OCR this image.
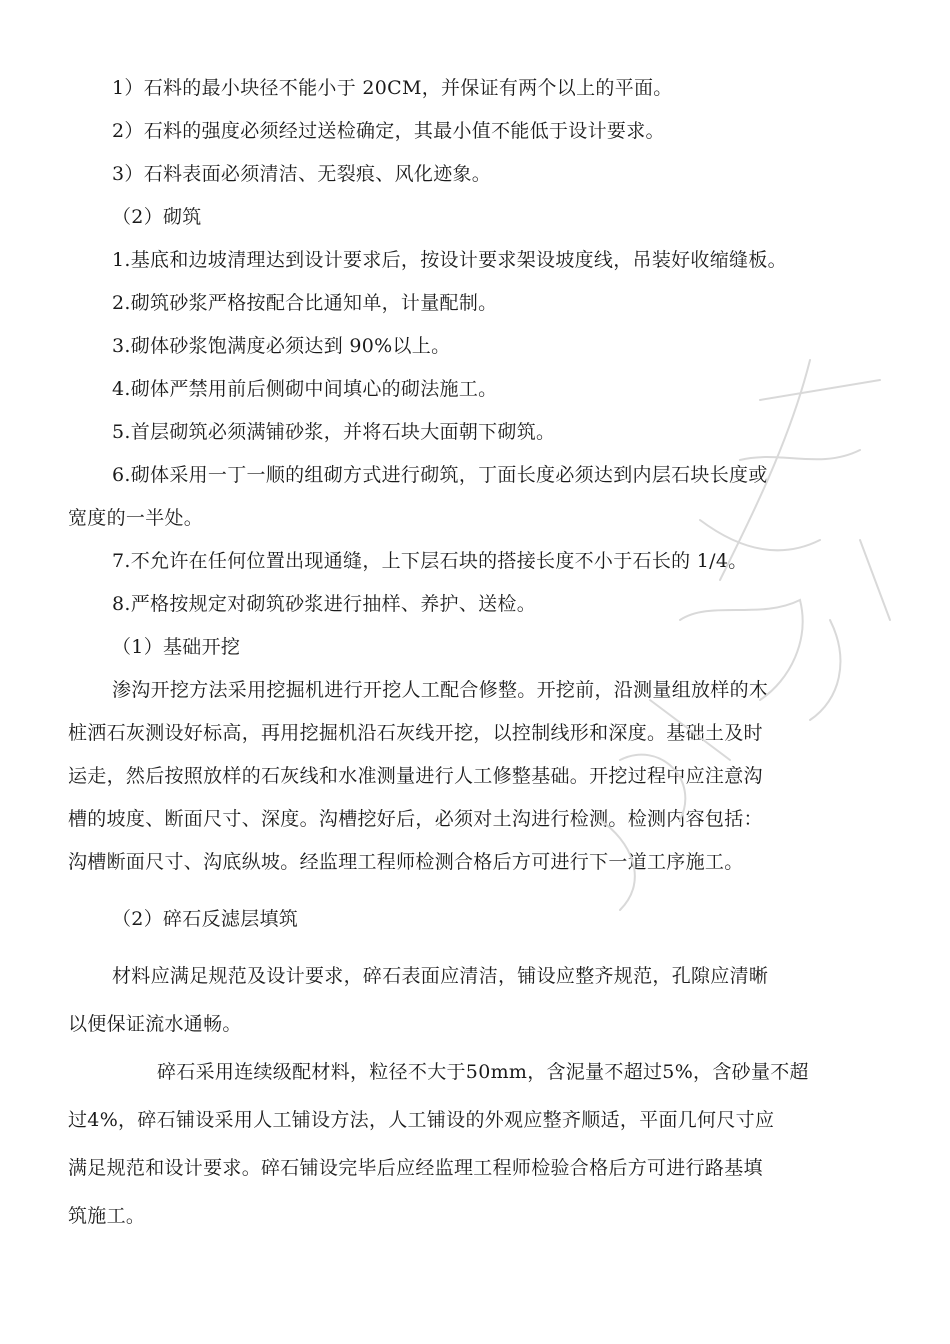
1）石料的最小块径不能小于 20CM，并保证有两个以上的平面。
2）石料的强度必须经过送检确定，其最小值不能低于设计要求。
3）石料表面必须清洁、无裂痕、风化迹象。
（2）砌筑
1.基底和边坡清理达到设计要求后，按设计要求架设坡度线，吊装好收缩缝板。
2.砌筑砂浆严格按配合比通知单，计量配制。
3.砌体砂浆饱满度必须达到 90%以上。
4.砌体严禁用前后侧砌中间填心的砌法施工。
5.首层砌筑必须满铺砂浆，并将石块大面朝下砌筑。
6.砌体采用一丁一顺的组砌方式进行砌筑，丁面长度必须达到内层石块长度或
宽度的一半处。
7.不允许在任何位置出现通缝，上下层石块的搭接长度不小于石长的 1/4。
8.严格按规定对砌筑砂浆进行抽样、养护、送检。
（1）基础开挖
渗沟开挖方法采用挖掘机进行开挖人工配合修整。开挖前，沿测量组放样的木
桩洒石灰测设好标高，再用挖掘机沿石灰线开挖，以控制线形和深度。基础土及时
运走，然后按照放样的石灰线和水准测量进行人工修整基础。开挖过程中应注意沟
槽的坡度、断面尺寸、深度。沟槽挖好后，必须对土沟进行检测。检测内容包括：
沟槽断面尺寸、沟底纵坡。经监理工程师检测合格后方可进行下一道工序施工。
（2）碎石反滤层填筑
材料应满足规范及设计要求，碎石表面应清洁，铺设应整齐规范，孔隙应清晰
以便保证流水通畅。
碎石采用连续级配材料，粒径不大于50mm，含泥量不超过5%，含砂量不超
过4%，碎石铺设采用人工铺设方法，人工铺设的外观应整齐顺适，平面几何尺寸应
满足规范和设计要求。碎石铺设完毕后应经监理工程师检验合格后方可进行路基填
筑施工。
